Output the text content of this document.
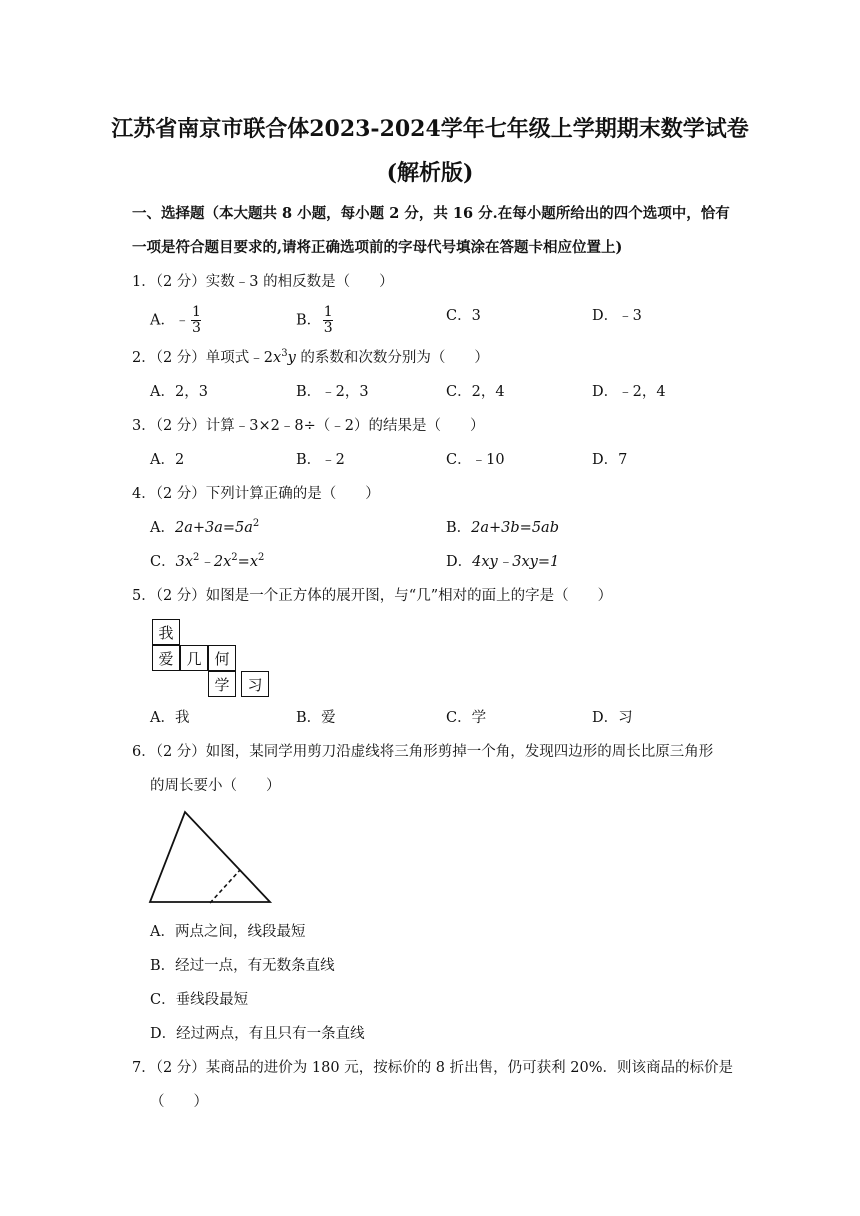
江苏省南京市联合体2023-2024学年七年级上学期期末数学试卷
(解析版)
一、选择题（本大题共 8 小题，每小题 2 分，共 16 分.在每小题所给出的四个选项中，恰有
一项是符合题目要求的,请将正确选项前的字母代号填涂在答题卡相应位置上)
1．（2 分）实数﹣3 的相反数是（　　）
A．﹣ $\frac{1}{3}$	B． $\frac{1}{3}$	C．3	D．﹣3
2．（2 分）单项式$﹣2x^3y$ 的系数和次数分别为（　　）
A．2，3	B．﹣2，3	C．2，4	D．﹣2，4
3．（2 分）计算﹣3×2﹣8÷（﹣2）的结果是（　　）
A．2	B．﹣2	C．﹣10	D．7
4．（2 分）下列计算正确的是（　　）
A．$2a+3a=5a^2$	B．2a+3b=5ab
C．$3x^2﹣2x^2=x^2$	D．4xy﹣3xy=1
5．（2 分）如图是一个正方体的展开图，与“几”相对的面上的字是（　　）
我
爱 几 何
学	习
A．我	B．爱	C．学	D．习
6．（2 分）如图，某同学用剪刀沿虚线将三角形剪掉一个角，发现四边形的周长比原三角形
的周长要小（　　）
A．两点之间，线段最短
B．经过一点，有无数条直线
C．垂线段最短
D．经过两点，有且只有一条直线
7．（2 分）某商品的进价为 180 元，按标价的 8 折出售，仍可获利 20%．则该商品的标价是
（　　）
